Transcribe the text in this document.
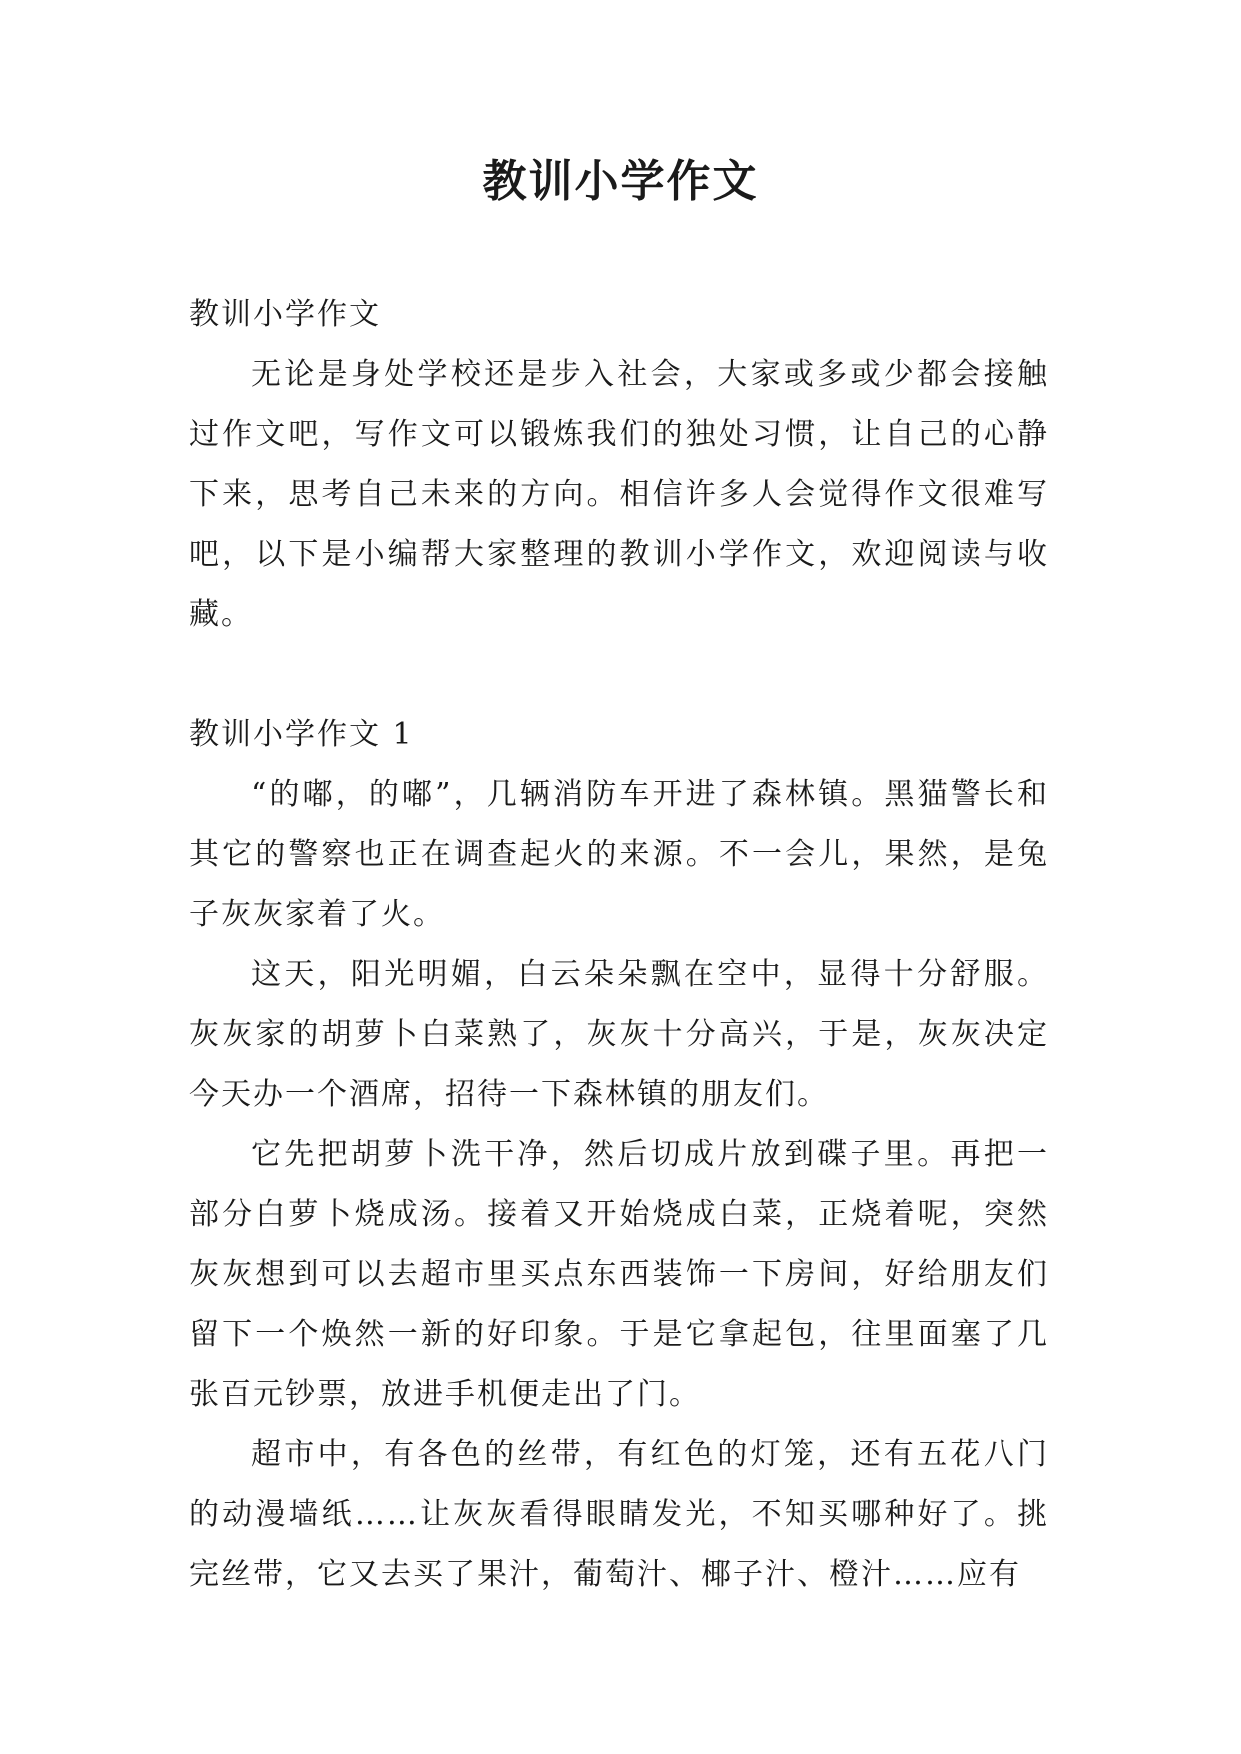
教训小学作文

教训小学作文

无论是身处学校还是步入社会，大家或多或少都会接触过作文吧，写作文可以锻炼我们的独处习惯，让自己的心静下来，思考自己未来的方向。相信许多人会觉得作文很难写吧，以下是小编帮大家整理的教训小学作文，欢迎阅读与收藏。

教训小学作文 1

“的嘟，的嘟”，几辆消防车开进了森林镇。黑猫警长和其它的警察也正在调查起火的来源。不一会儿，果然，是兔子灰灰家着了火。

这天，阳光明媚，白云朵朵飘在空中，显得十分舒服。灰灰家的胡萝卜白菜熟了，灰灰十分高兴，于是，灰灰决定今天办一个酒席，招待一下森林镇的朋友们。

它先把胡萝卜洗干净，然后切成片放到碟子里。再把一部分白萝卜烧成汤。接着又开始烧成白菜，正烧着呢，突然灰灰想到可以去超市里买点东西装饰一下房间，好给朋友们留下一个焕然一新的好印象。于是它拿起包，往里面塞了几张百元钞票，放进手机便走出了门。

超市中，有各色的丝带，有红色的灯笼，还有五花八门的动漫墙纸……让灰灰看得眼睛发光，不知买哪种好了。挑完丝带，它又去买了果汁，葡萄汁、椰子汁、橙汁……应有
